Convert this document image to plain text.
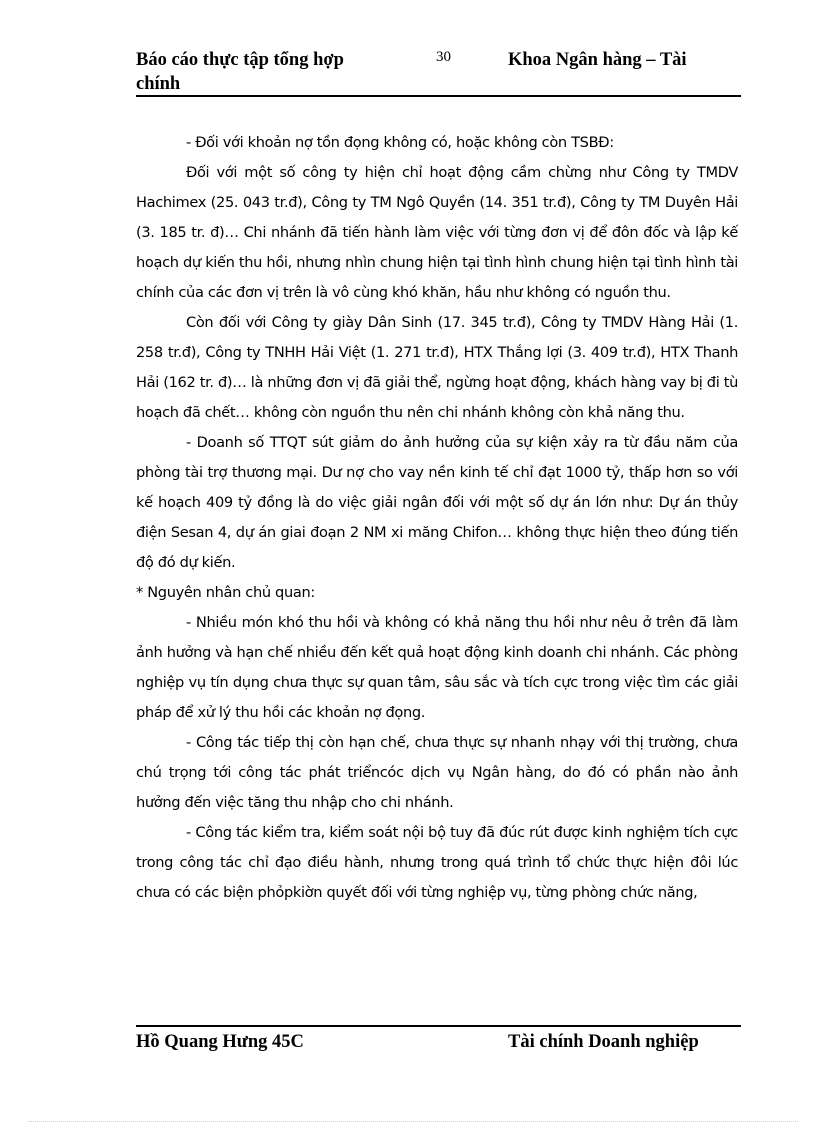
Báo cáo thực tập tổng hợp chính
30	Khoa Ngân hàng – Tài

- Đối với khoản nợ tồn đọng không có, hoặc không còn TSBĐ:

Đối với một số công ty hiện chỉ hoạt động cầm chừng như Công ty TMDV Hachimex (25. 043 tr.đ), Công ty TM Ngô Quyền (14. 351 tr.đ), Công ty TM Duyên Hải (3. 185 tr. đ)… Chi nhánh đã tiến hành làm việc với từng đơn vị để đôn đốc và lập kế hoạch dự kiến thu hồi, nhưng nhìn chung hiện tại tình hình chung hiện tại tình hình tài chính của các đơn vị trên là vô cùng khó khăn, hầu như không có nguồn thu.

Còn đối với Công ty giày Dân Sinh (17. 345 tr.đ), Công ty TMDV Hàng Hải (1. 258 tr.đ), Công ty TNHH Hải Việt (1. 271 tr.đ), HTX Thắng lợi (3. 409 tr.đ), HTX Thanh Hải (162 tr. đ)… là những đơn vị đã giải thể, ngừng hoạt động, khách hàng vay bị đi tù hoạch đã chết… không còn nguồn thu nên chi nhánh không còn khả năng thu.

- Doanh số TTQT sút giảm do ảnh hưởng của sự kiện xảy ra từ đầu năm của phòng tài trợ thương mại. Dư nợ cho vay nền kinh tế chỉ đạt 1000 tỷ, thấp hơn so với kế hoạch 409 tỷ đồng là do việc giải ngân đối với một số dự án lớn như: Dự án thủy điện Sesan 4, dự án giai đoạn 2 NM xi măng Chifon… không thực hiện theo đúng tiến độ đó dự kiến.

* Nguyên nhân chủ quan:

- Nhiều món khó thu hồi và không có khả năng thu hồi như nêu ở trên đã làm ảnh hưởng và hạn chế nhiều đến kết quả hoạt động kinh doanh chi nhánh. Các phòng nghiệp vụ tín dụng chưa thực sự quan tâm, sâu sắc và tích cực trong việc tìm các giải pháp để xử lý thu hồi các khoản nợ đọng.

- Công tác tiếp thị còn hạn chế, chưa thực sự nhanh nhạy với thị trường, chưa chú trọng tới công tác phát triểncóc dịch vụ Ngân hàng, do đó có phần nào ảnh hưởng đến việc tăng thu nhập cho chi nhánh.

- Công tác kiểm tra, kiểm soát nội bộ tuy đã đúc rút được kinh nghiệm tích cực trong công tác chỉ đạo điều hành, nhưng trong quá trình tổ chức thực hiện đôi lúc chưa có các biện phỏpkiờn quyết đối với từng nghiệp vụ, từng phòng chức năng,

Hồ Quang Hưng 45C	Tài chính Doanh nghiệp
